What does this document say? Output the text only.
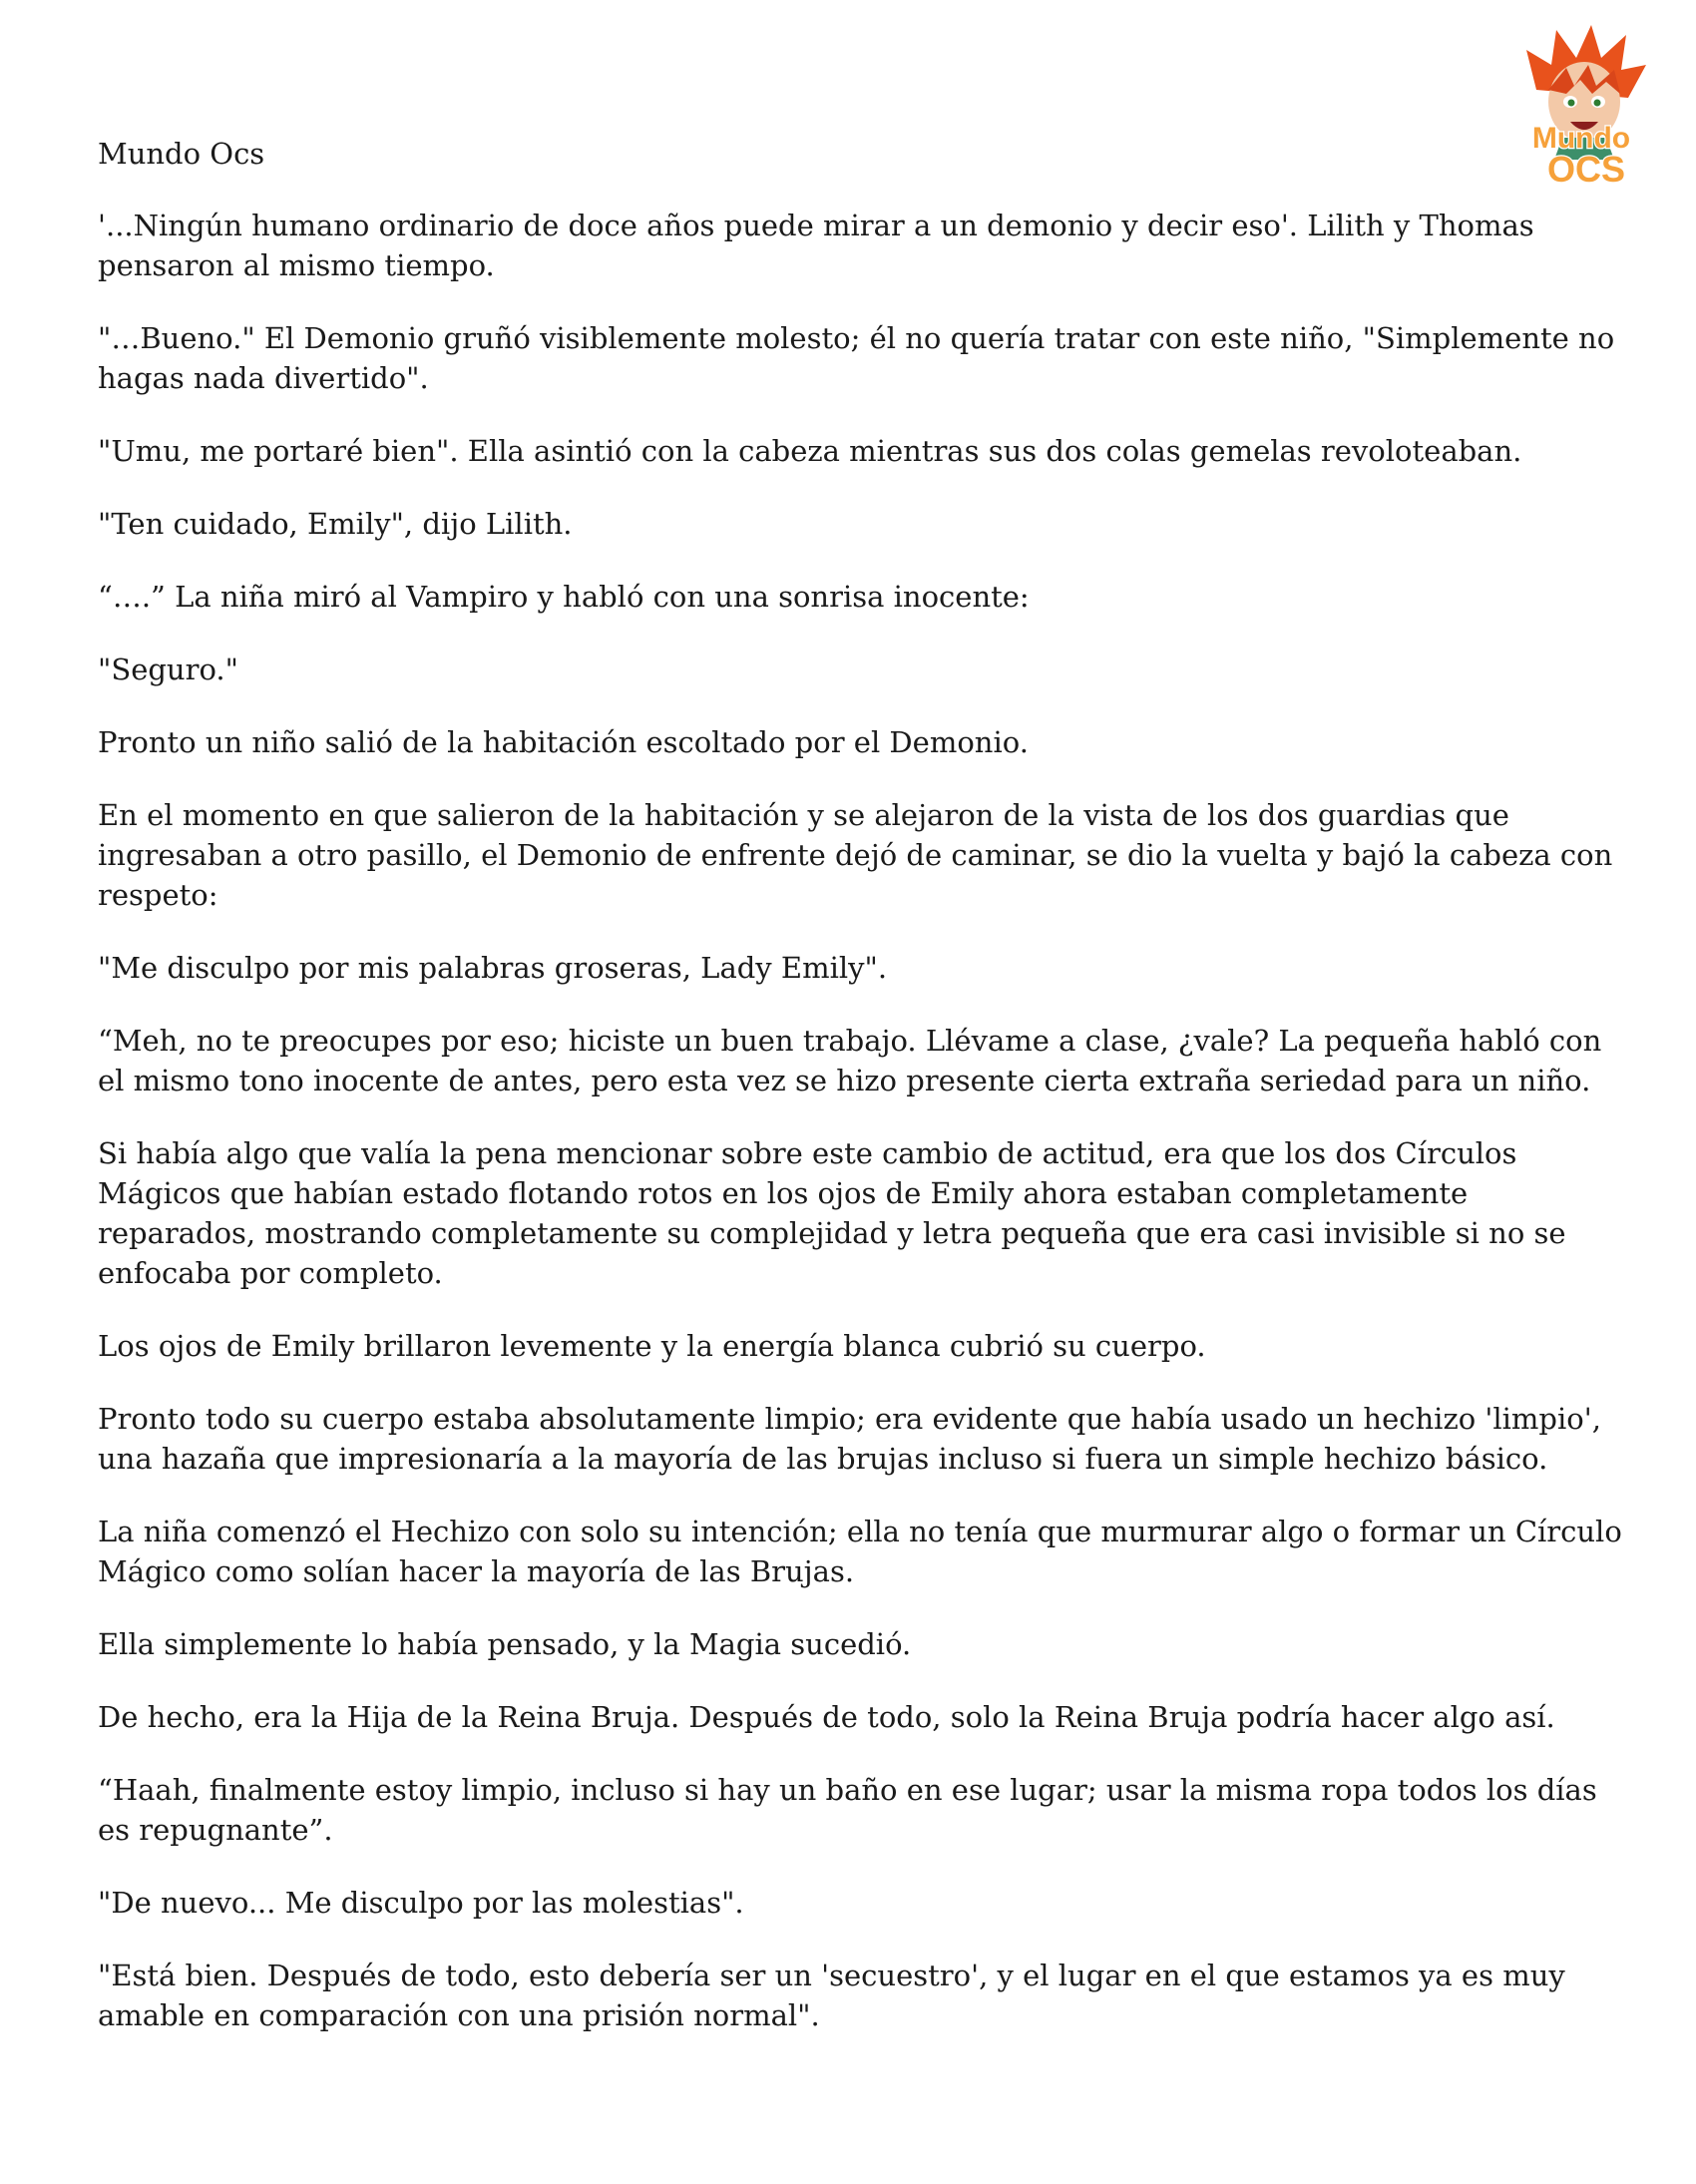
Mundo
OCS
Mundo Ocs

'...Ningún humano ordinario de doce años puede mirar a un demonio y decir eso'. Lilith y Thomas pensaron al mismo tiempo.

"…Bueno." El Demonio gruñó visiblemente molesto; él no quería tratar con este niño, "Simplemente no hagas nada divertido".

"Umu, me portaré bien". Ella asintió con la cabeza mientras sus dos colas gemelas revoloteaban.

"Ten cuidado, Emily", dijo Lilith.

“….” La niña miró al Vampiro y habló con una sonrisa inocente:

"Seguro."

Pronto un niño salió de la habitación escoltado por el Demonio.

En el momento en que salieron de la habitación y se alejaron de la vista de los dos guardias que ingresaban a otro pasillo, el Demonio de enfrente dejó de caminar, se dio la vuelta y bajó la cabeza con respeto:

"Me disculpo por mis palabras groseras, Lady Emily".

“Meh, no te preocupes por eso; hiciste un buen trabajo. Llévame a clase, ¿vale? La pequeña habló con el mismo tono inocente de antes, pero esta vez se hizo presente cierta extraña seriedad para un niño.

Si había algo que valía la pena mencionar sobre este cambio de actitud, era que los dos Círculos Mágicos que habían estado flotando rotos en los ojos de Emily ahora estaban completamente reparados, mostrando completamente su complejidad y letra pequeña que era casi invisible si no se enfocaba por completo.

Los ojos de Emily brillaron levemente y la energía blanca cubrió su cuerpo.

Pronto todo su cuerpo estaba absolutamente limpio; era evidente que había usado un hechizo 'limpio', una hazaña que impresionaría a la mayoría de las brujas incluso si fuera un simple hechizo básico.

La niña comenzó el Hechizo con solo su intención; ella no tenía que murmurar algo o formar un Círculo Mágico como solían hacer la mayoría de las Brujas.

Ella simplemente lo había pensado, y la Magia sucedió.

De hecho, era la Hija de la Reina Bruja. Después de todo, solo la Reina Bruja podría hacer algo así.

“Haah, finalmente estoy limpio, incluso si hay un baño en ese lugar; usar la misma ropa todos los días es repugnante”.

"De nuevo... Me disculpo por las molestias".

"Está bien. Después de todo, esto debería ser un 'secuestro', y el lugar en el que estamos ya es muy amable en comparación con una prisión normal".
